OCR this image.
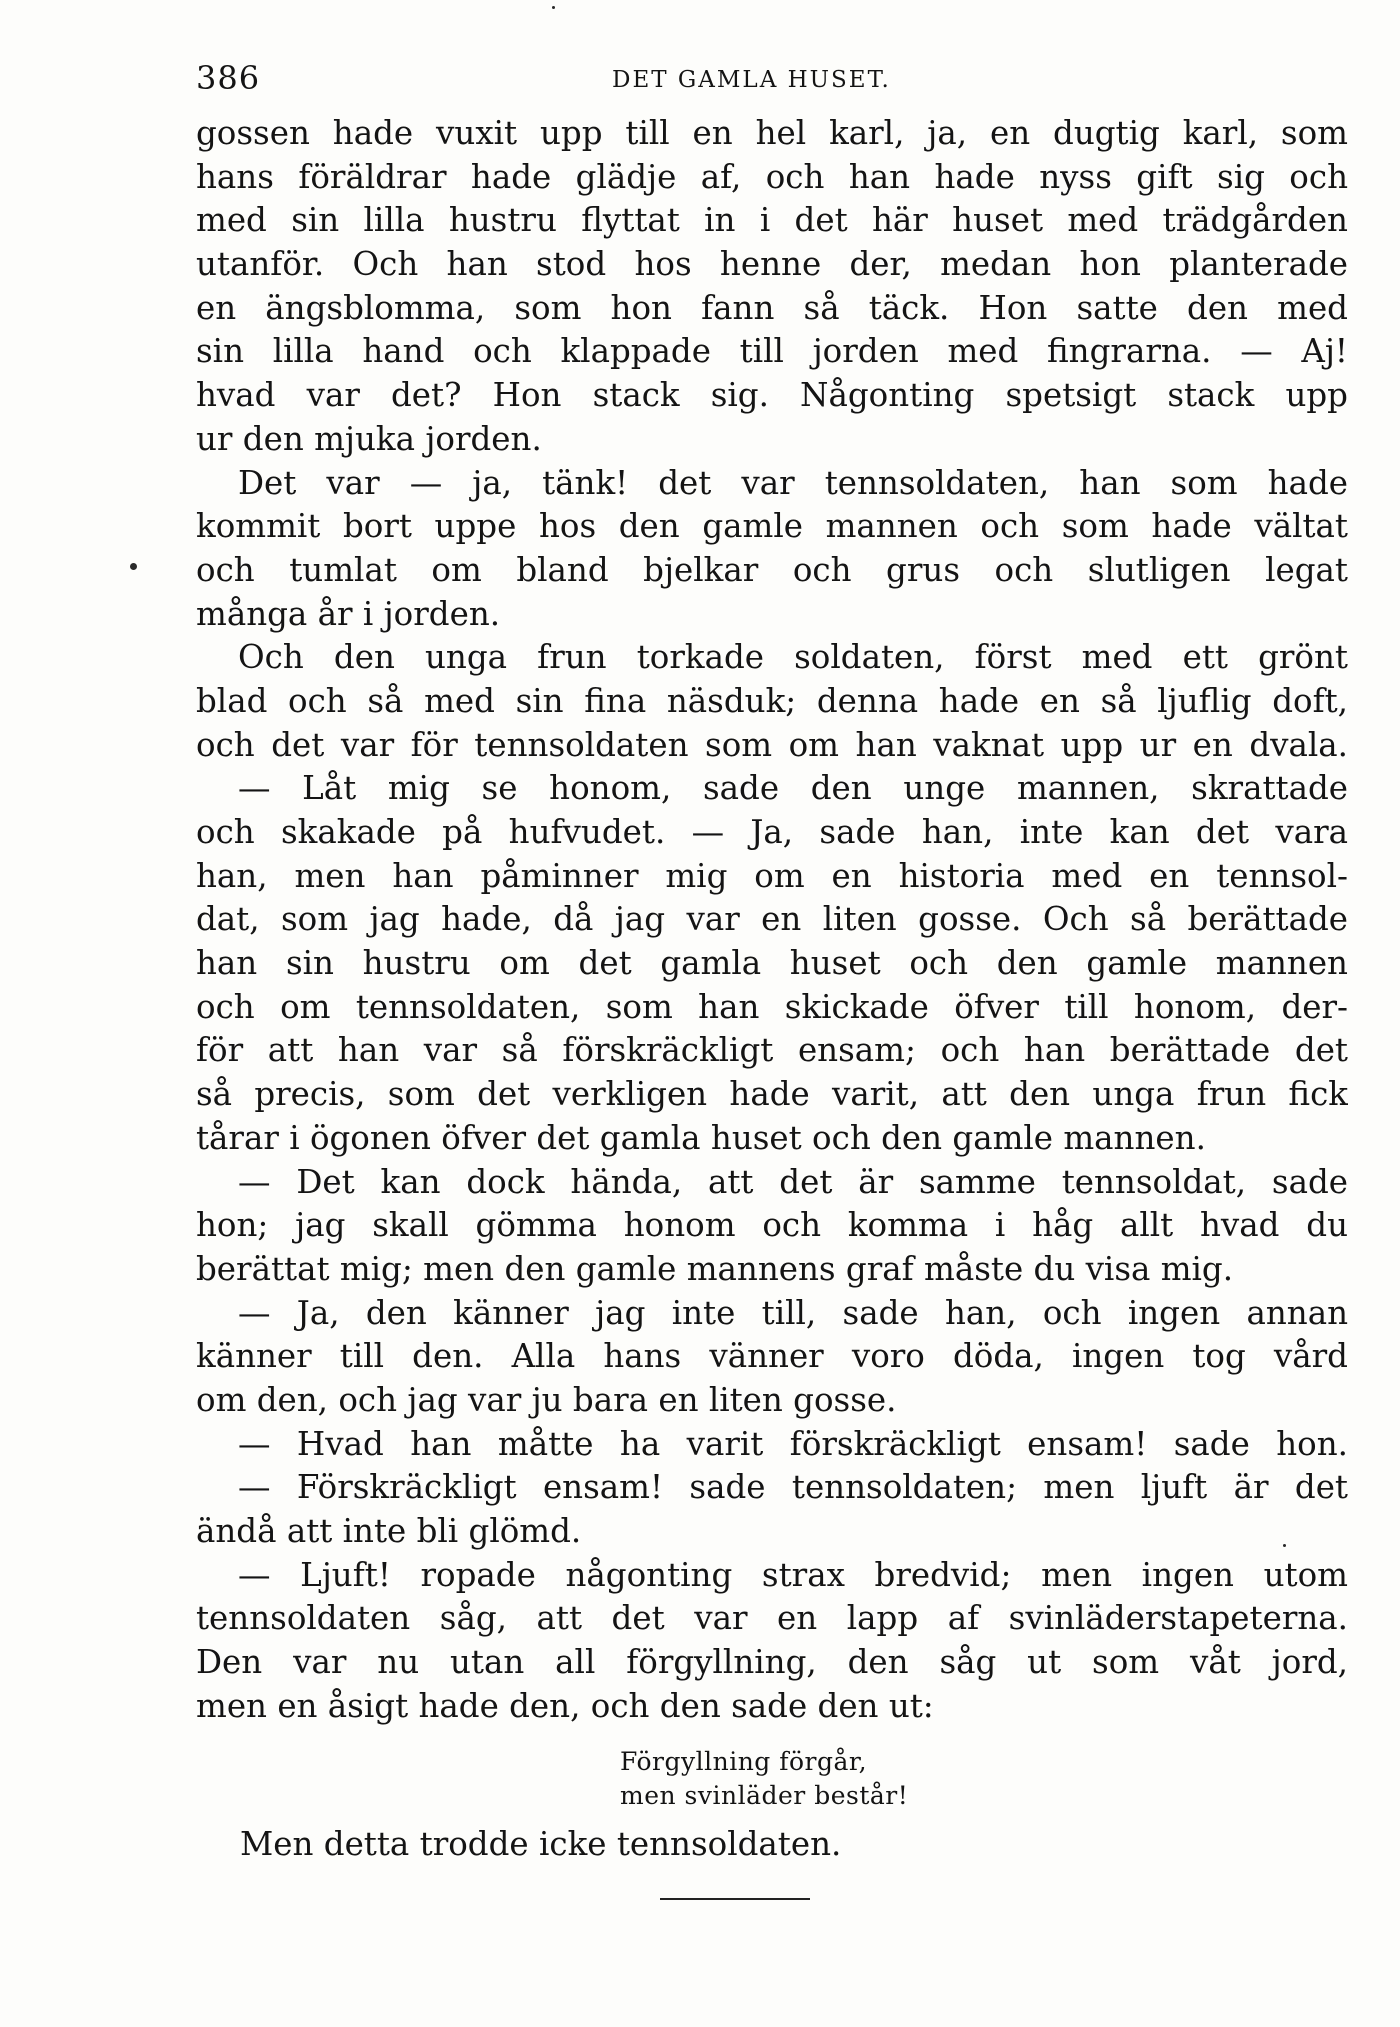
386	DET GAMLA HUSET.
gossen hade vuxit upp till en hel karl, ja, en dugtig karl, som
hans föräldrar hade glädje af, och han hade nyss gift sig och
med sin lilla hustru flyttat in i det här huset med trädgården
utanför. Och han stod hos henne der, medan hon planterade
en ängsblomma, som hon fann så täck. Hon satte den med
sin lilla hand och klappade till jorden med fingrarna. — Aj!
hvad var det? Hon stack sig. Någonting spetsigt stack upp
ur den mjuka jorden.
Det var — ja, tänk! det var tennsoldaten, han som hade
kommit bort uppe hos den gamle mannen och som hade vältat
och tumlat om bland bjelkar och grus och slutligen legat
många år i jorden.
Och den unga frun torkade soldaten, först med ett grönt
blad och så med sin fina näsduk; denna hade en så ljuflig doft,
och det var för tennsoldaten som om han vaknat upp ur en dvala.
— Låt mig se honom, sade den unge mannen, skrattade
och skakade på hufvudet. — Ja, sade han, inte kan det vara
han, men han påminner mig om en historia med en tennsol-
dat, som jag hade, då jag var en liten gosse. Och så berättade
han sin hustru om det gamla huset och den gamle mannen
och om tennsoldaten, som han skickade öfver till honom, der-
för att han var så förskräckligt ensam; och han berättade det
så precis, som det verkligen hade varit, att den unga frun fick
tårar i ögonen öfver det gamla huset och den gamle mannen.
— Det kan dock hända, att det är samme tennsoldat, sade
hon; jag skall gömma honom och komma i håg allt hvad du
berättat mig; men den gamle mannens graf måste du visa mig.
— Ja, den känner jag inte till, sade han, och ingen annan
känner till den. Alla hans vänner voro döda, ingen tog vård
om den, och jag var ju bara en liten gosse.
— Hvad han måtte ha varit förskräckligt ensam! sade hon.
— Förskräckligt ensam! sade tennsoldaten; men ljuft är det
ändå att inte bli glömd.
— Ljuft! ropade någonting strax bredvid; men ingen utom
tennsoldaten såg, att det var en lapp af svinläderstapeterna.
Den var nu utan all förgyllning, den såg ut som våt jord,
men en åsigt hade den, och den sade den ut:
Förgyllning förgår,
men svinläder består!
Men detta trodde icke tennsoldaten.
